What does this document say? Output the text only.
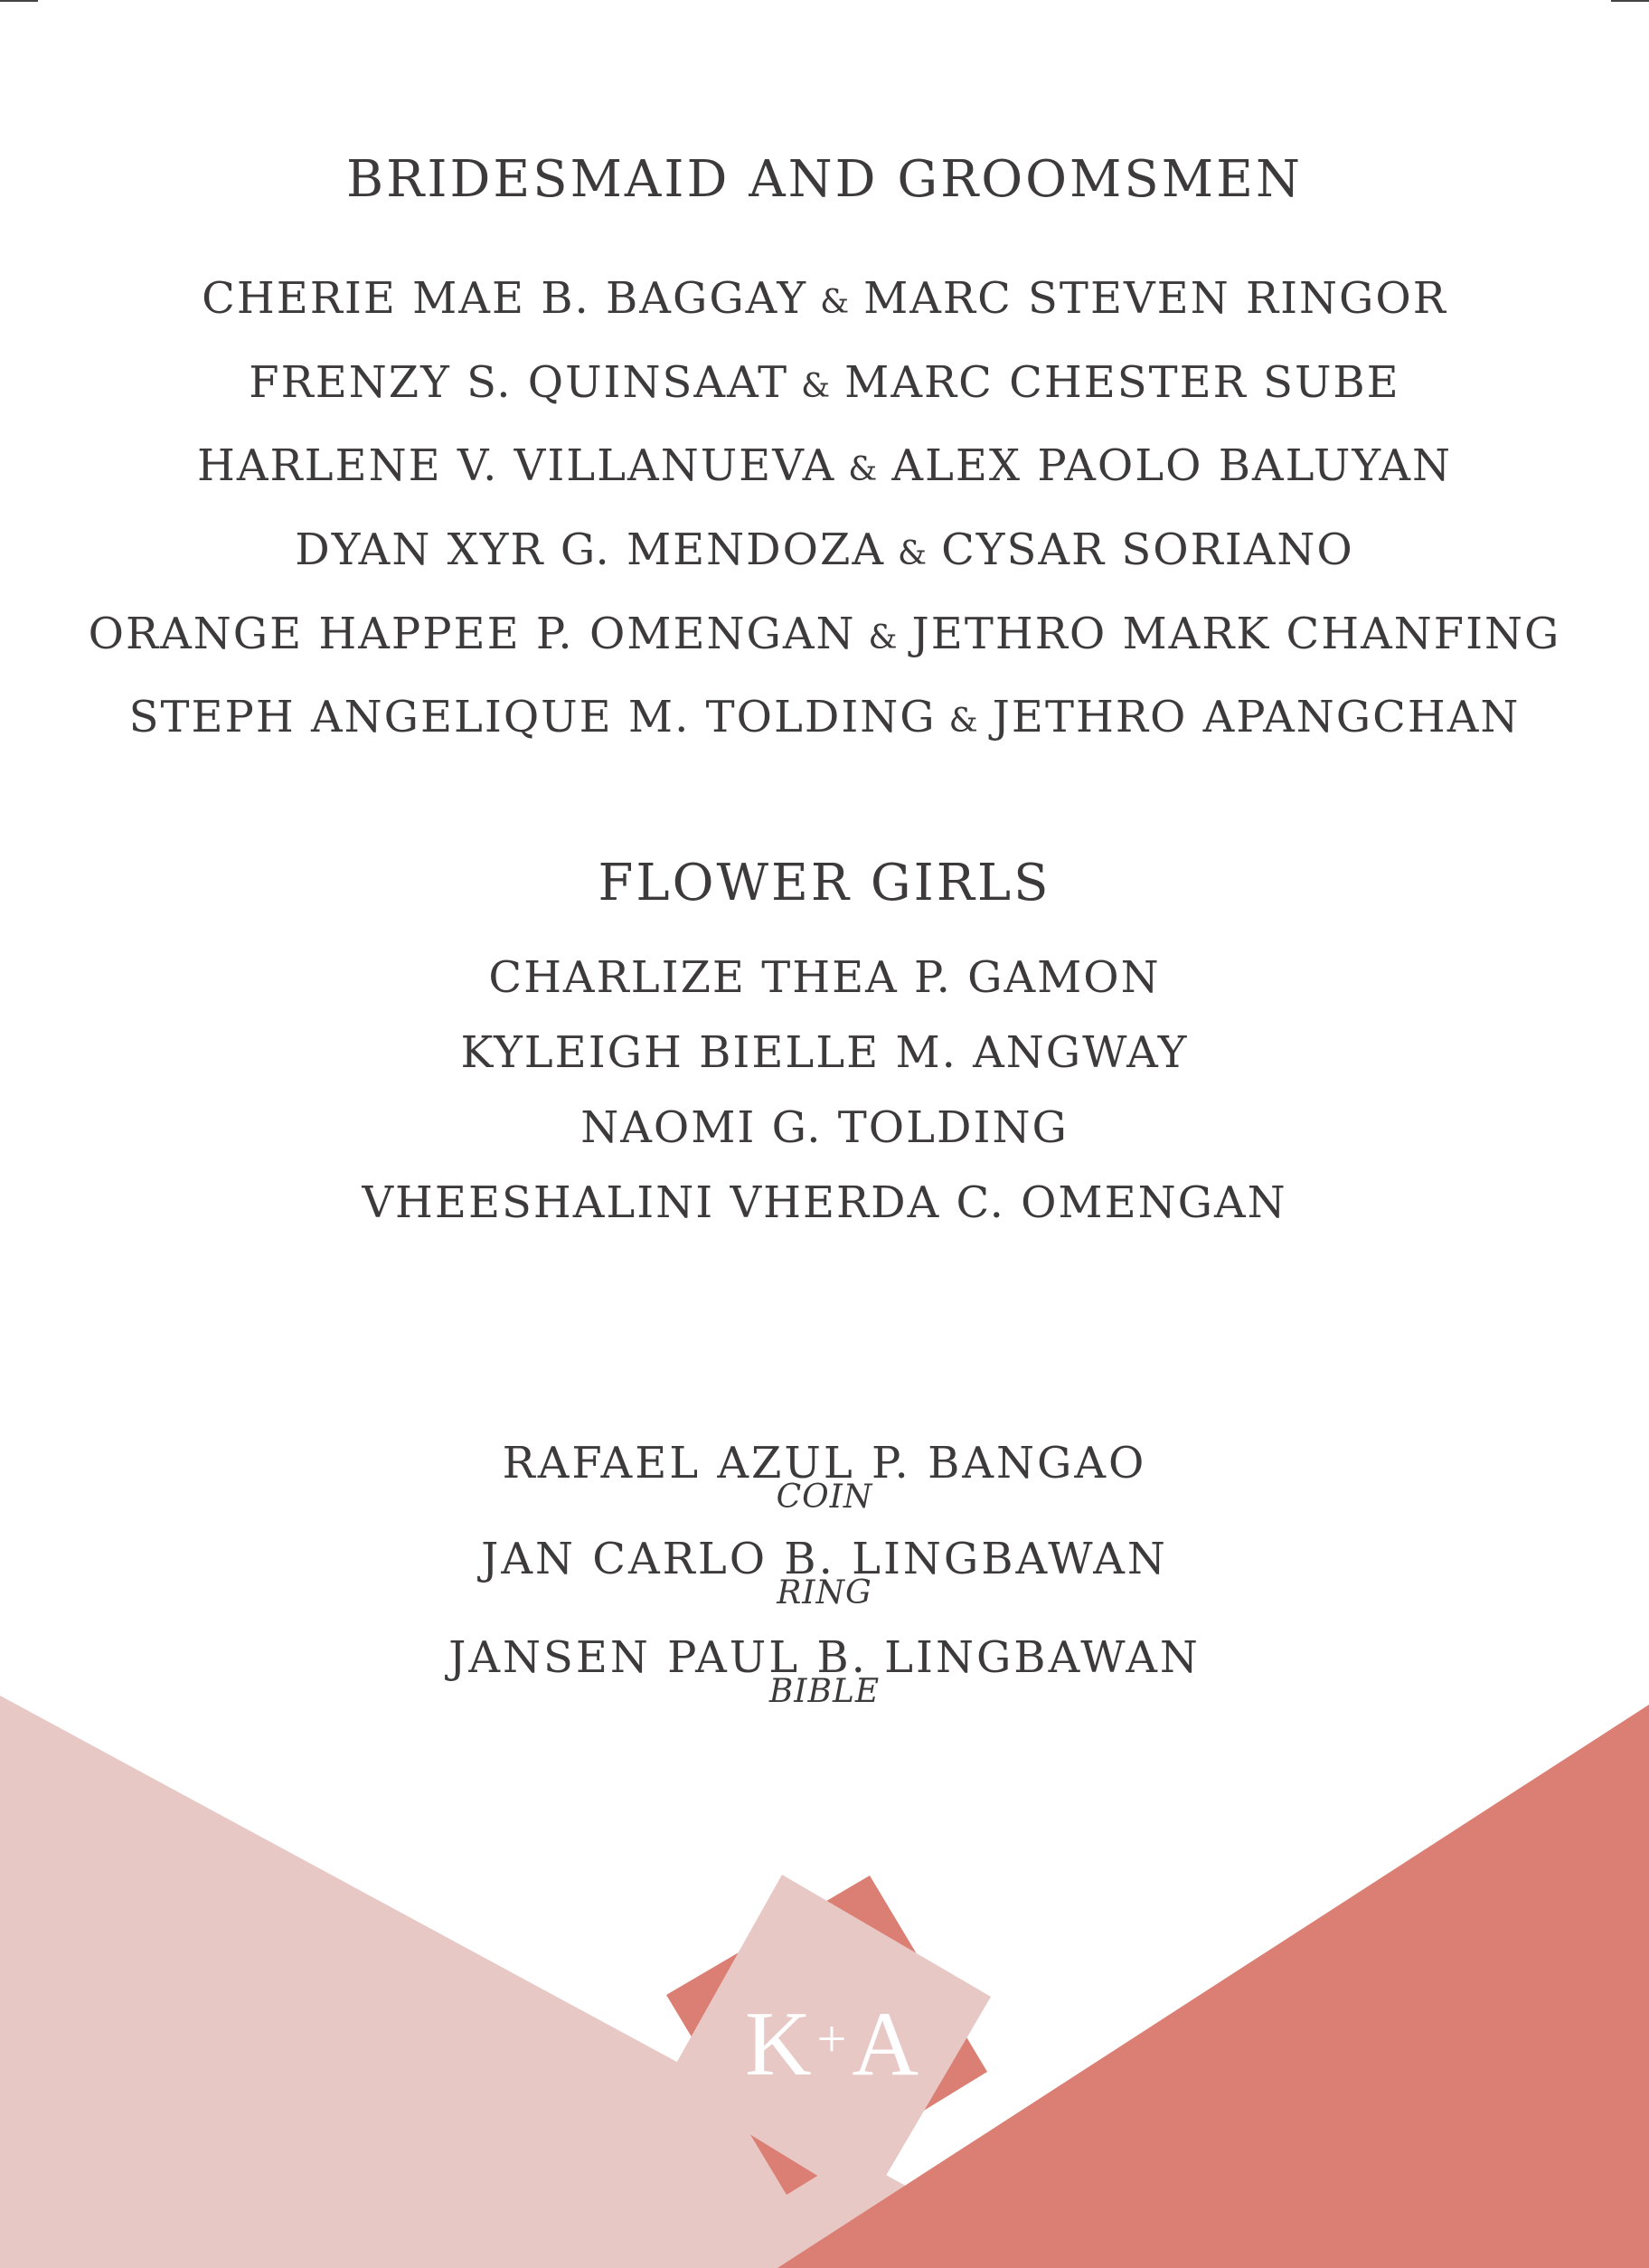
BRIDESMAID AND GROOMSMEN
CHERIE MAE B. BAGGAY & MARC STEVEN RINGOR
FRENZY S. QUINSAAT & MARC CHESTER SUBE
HARLENE V. VILLANUEVA & ALEX PAOLO BALUYAN
DYAN XYR G. MENDOZA & CYSAR SORIANO
ORANGE HAPPEE P. OMENGAN & JETHRO MARK CHANFING
STEPH ANGELIQUE M. TOLDING & JETHRO APANGCHAN
FLOWER GIRLS
CHARLIZE THEA P. GAMON
KYLEIGH BIELLE M. ANGWAY
NAOMI G. TOLDING
VHEESHALINI VHERDA C. OMENGAN
RAFAEL AZUL P. BANGAO
COIN
JAN CARLO B. LINGBAWAN
RING
JANSEN PAUL B. LINGBAWAN
BIBLE
K +A
